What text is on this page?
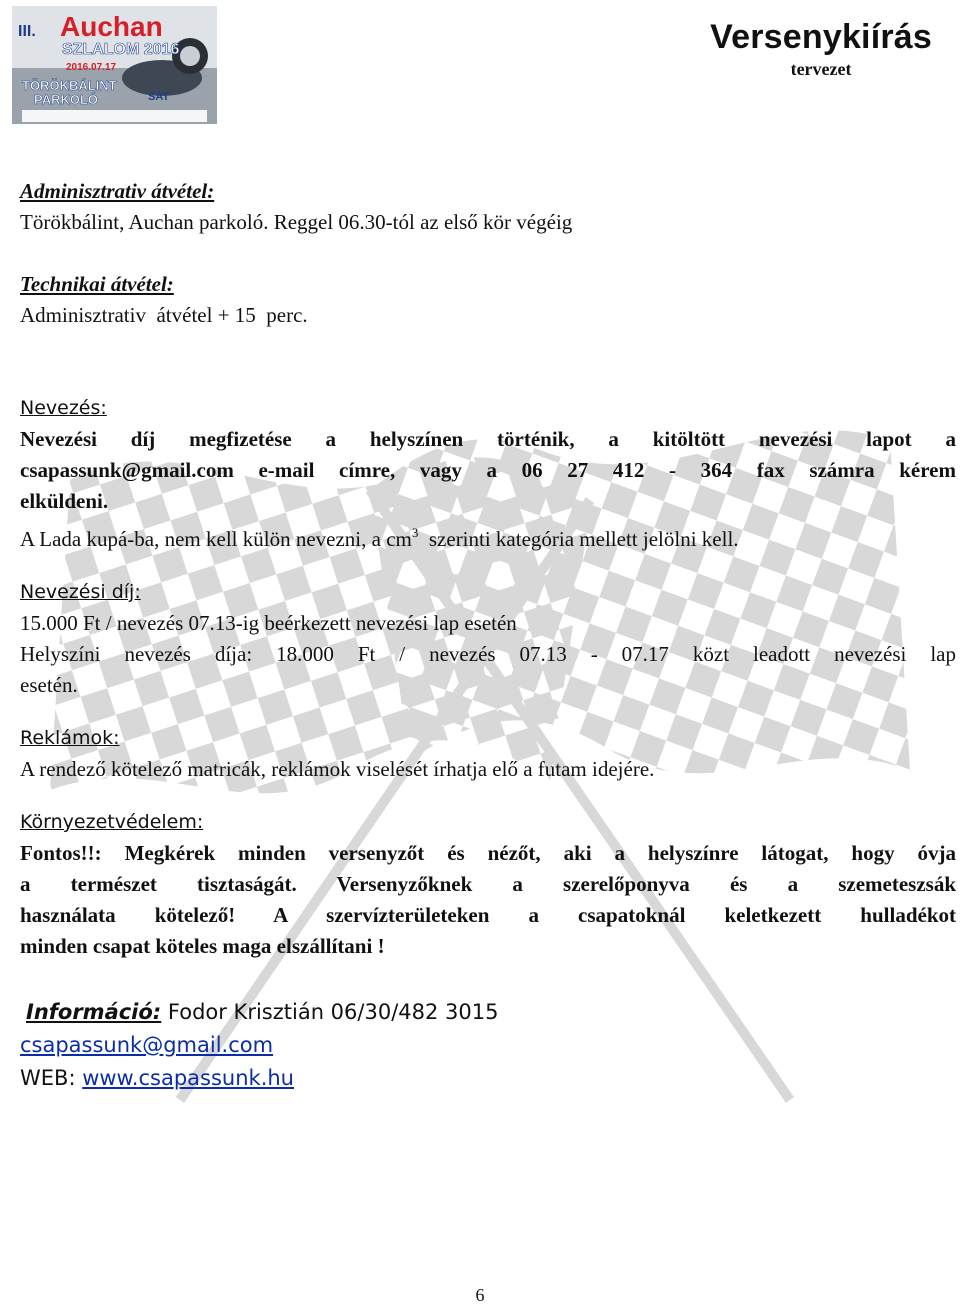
III. Auchan
SZLALOM 2016
2016.07.17
TÖRÖKBÁLINT
PARKOLÓ	SAT
Versenykiírás
tervezet
Adminisztrativ átvétel:
Törökbálint, Auchan parkoló. Reggel 06.30-tól az első kör végéig
Technikai átvétel:
Adminisztrativ  átvétel + 15  perc.
Nevezés:
Nevezési díj megfizetése a helyszínen történik, a kitöltött nevezési lapot a
csapassunk@gmail.com e-mail címre, vagy a 06 27 412 - 364 fax számra kérem
elküldeni.
A Lada kupá-ba, nem kell külön nevezni, a $cm^3$  szerinti kategória mellett jelölni kell.
Nevezési díj:
15.000 Ft / nevezés 07.13-ig beérkezett nevezési lap esetén
Helyszíni nevezés díja: 18.000 Ft / nevezés 07.13 - 07.17 közt leadott nevezési lap
esetén.
Reklámok:
A rendező kötelező matricák, reklámok viselését írhatja elő a futam idejére.
Környezetvédelem:
Fontos!!: Megkérek minden versenyzőt és nézőt, aki a helyszínre látogat, hogy óvja
a természet tisztaságát. Versenyzőknek a szerelőponyva és a szemeteszsák
használata kötelező! A szervízterületeken a csapatoknál keletkezett hulladékot
minden csapat köteles maga elszállítani !
Információ: Fodor Krisztián 06/30/482 3015
csapassunk@gmail.com
WEB: www.csapassunk.hu
6
